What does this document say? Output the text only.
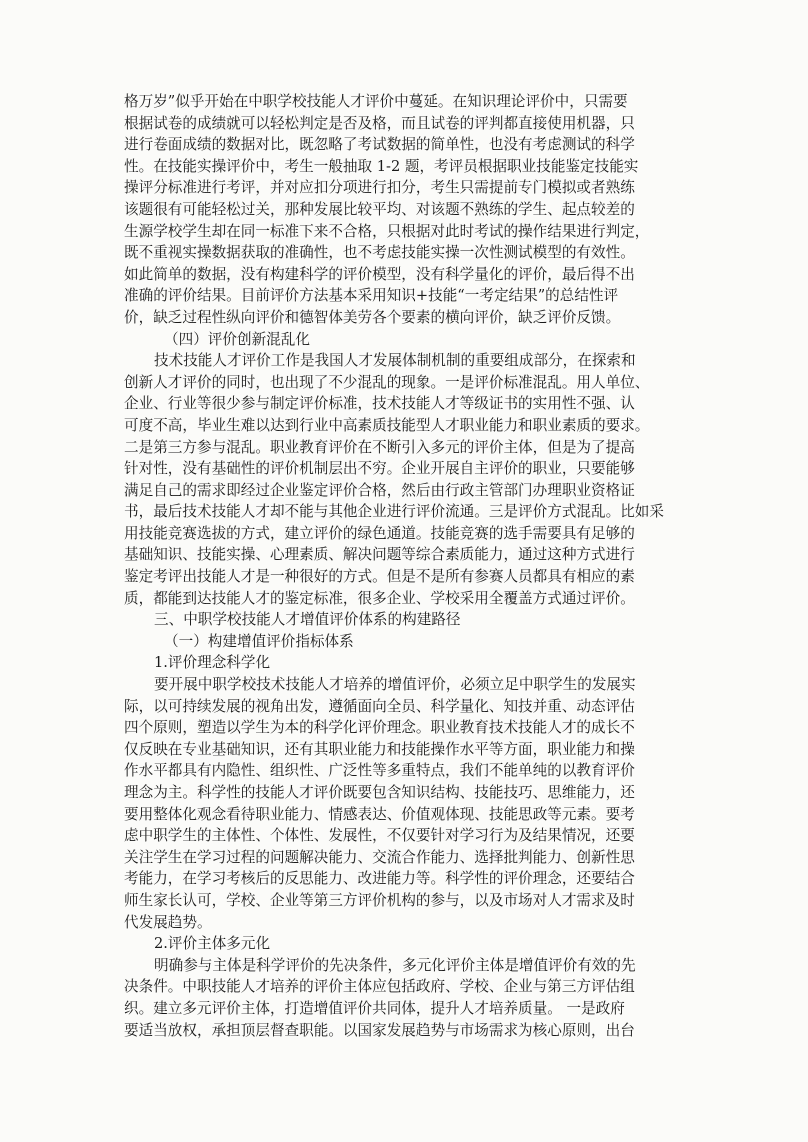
格万岁”似乎开始在中职学校技能人才评价中蔓延。在知识理论评价中，只需要
根据试卷的成绩就可以轻松判定是否及格，而且试卷的评判都直接使用机器，只
进行卷面成绩的数据对比，既忽略了考试数据的简单性，也没有考虑测试的科学
性。在技能实操评价中，考生一般抽取 1-2 题，考评员根据职业技能鉴定技能实
操评分标准进行考评，并对应扣分项进行扣分，考生只需提前专门模拟或者熟练
该题很有可能轻松过关，那种发展比较平均、对该题不熟练的学生、起点较差的
生源学校学生却在同一标准下来不合格，只根据对此时考试的操作结果进行判定，
既不重视实操数据获取的准确性，也不考虑技能实操一次性测试模型的有效性。
如此简单的数据，没有构建科学的评价模型，没有科学量化的评价，最后得不出
准确的评价结果。目前评价方法基本采用知识+技能“一考定结果”的总结性评
价，缺乏过程性纵向评价和德智体美劳各个要素的横向评价，缺乏评价反馈。
（四）评价创新混乱化
技术技能人才评价工作是我国人才发展体制机制的重要组成部分，在探索和
创新人才评价的同时，也出现了不少混乱的现象。一是评价标准混乱。用人单位、
企业、行业等很少参与制定评价标准，技术技能人才等级证书的实用性不强、认
可度不高，毕业生难以达到行业中高素质技能型人才职业能力和职业素质的要求。
二是第三方参与混乱。职业教育评价在不断引入多元的评价主体，但是为了提高
针对性，没有基础性的评价机制层出不穷。企业开展自主评价的职业，只要能够
满足自己的需求即经过企业鉴定评价合格，然后由行政主管部门办理职业资格证
书，最后技术技能人才却不能与其他企业进行评价流通。三是评价方式混乱。比如采
用技能竞赛选拔的方式，建立评价的绿色通道。技能竞赛的选手需要具有足够的
基础知识、技能实操、心理素质、解决问题等综合素质能力，通过这种方式进行
鉴定考评出技能人才是一种很好的方式。但是不是所有参赛人员都具有相应的素
质，都能到达技能人才的鉴定标准，很多企业、学校采用全覆盖方式通过评价。
三、中职学校技能人才增值评价体系的构建路径
（一）构建增值评价指标体系
1.评价理念科学化
要开展中职学校技术技能人才培养的增值评价，必须立足中职学生的发展实
际，以可持续发展的视角出发，遵循面向全员、科学量化、知技并重、动态评估
四个原则，塑造以学生为本的科学化评价理念。职业教育技术技能人才的成长不
仅反映在专业基础知识，还有其职业能力和技能操作水平等方面，职业能力和操
作水平都具有内隐性、组织性、广泛性等多重特点，我们不能单纯的以教育评价
理念为主。科学性的技能人才评价既要包含知识结构、技能技巧、思维能力，还
要用整体化观念看待职业能力、情感表达、价值观体现、技能思政等元素。要考
虑中职学生的主体性、个体性、发展性，不仅要针对学习行为及结果情况，还要
关注学生在学习过程的问题解决能力、交流合作能力、选择批判能力、创新性思
考能力，在学习考核后的反思能力、改进能力等。科学性的评价理念，还要结合
师生家长认可，学校、企业等第三方评价机构的参与，以及市场对人才需求及时
代发展趋势。
2.评价主体多元化
明确参与主体是科学评价的先决条件，多元化评价主体是增值评价有效的先
决条件。中职技能人才培养的评价主体应包括政府、学校、企业与第三方评估组
织。建立多元评价主体，打造增值评价共同体，提升人才培养质量。 一是政府
要适当放权，承担顶层督查职能。以国家发展趋势与市场需求为核心原则，出台
